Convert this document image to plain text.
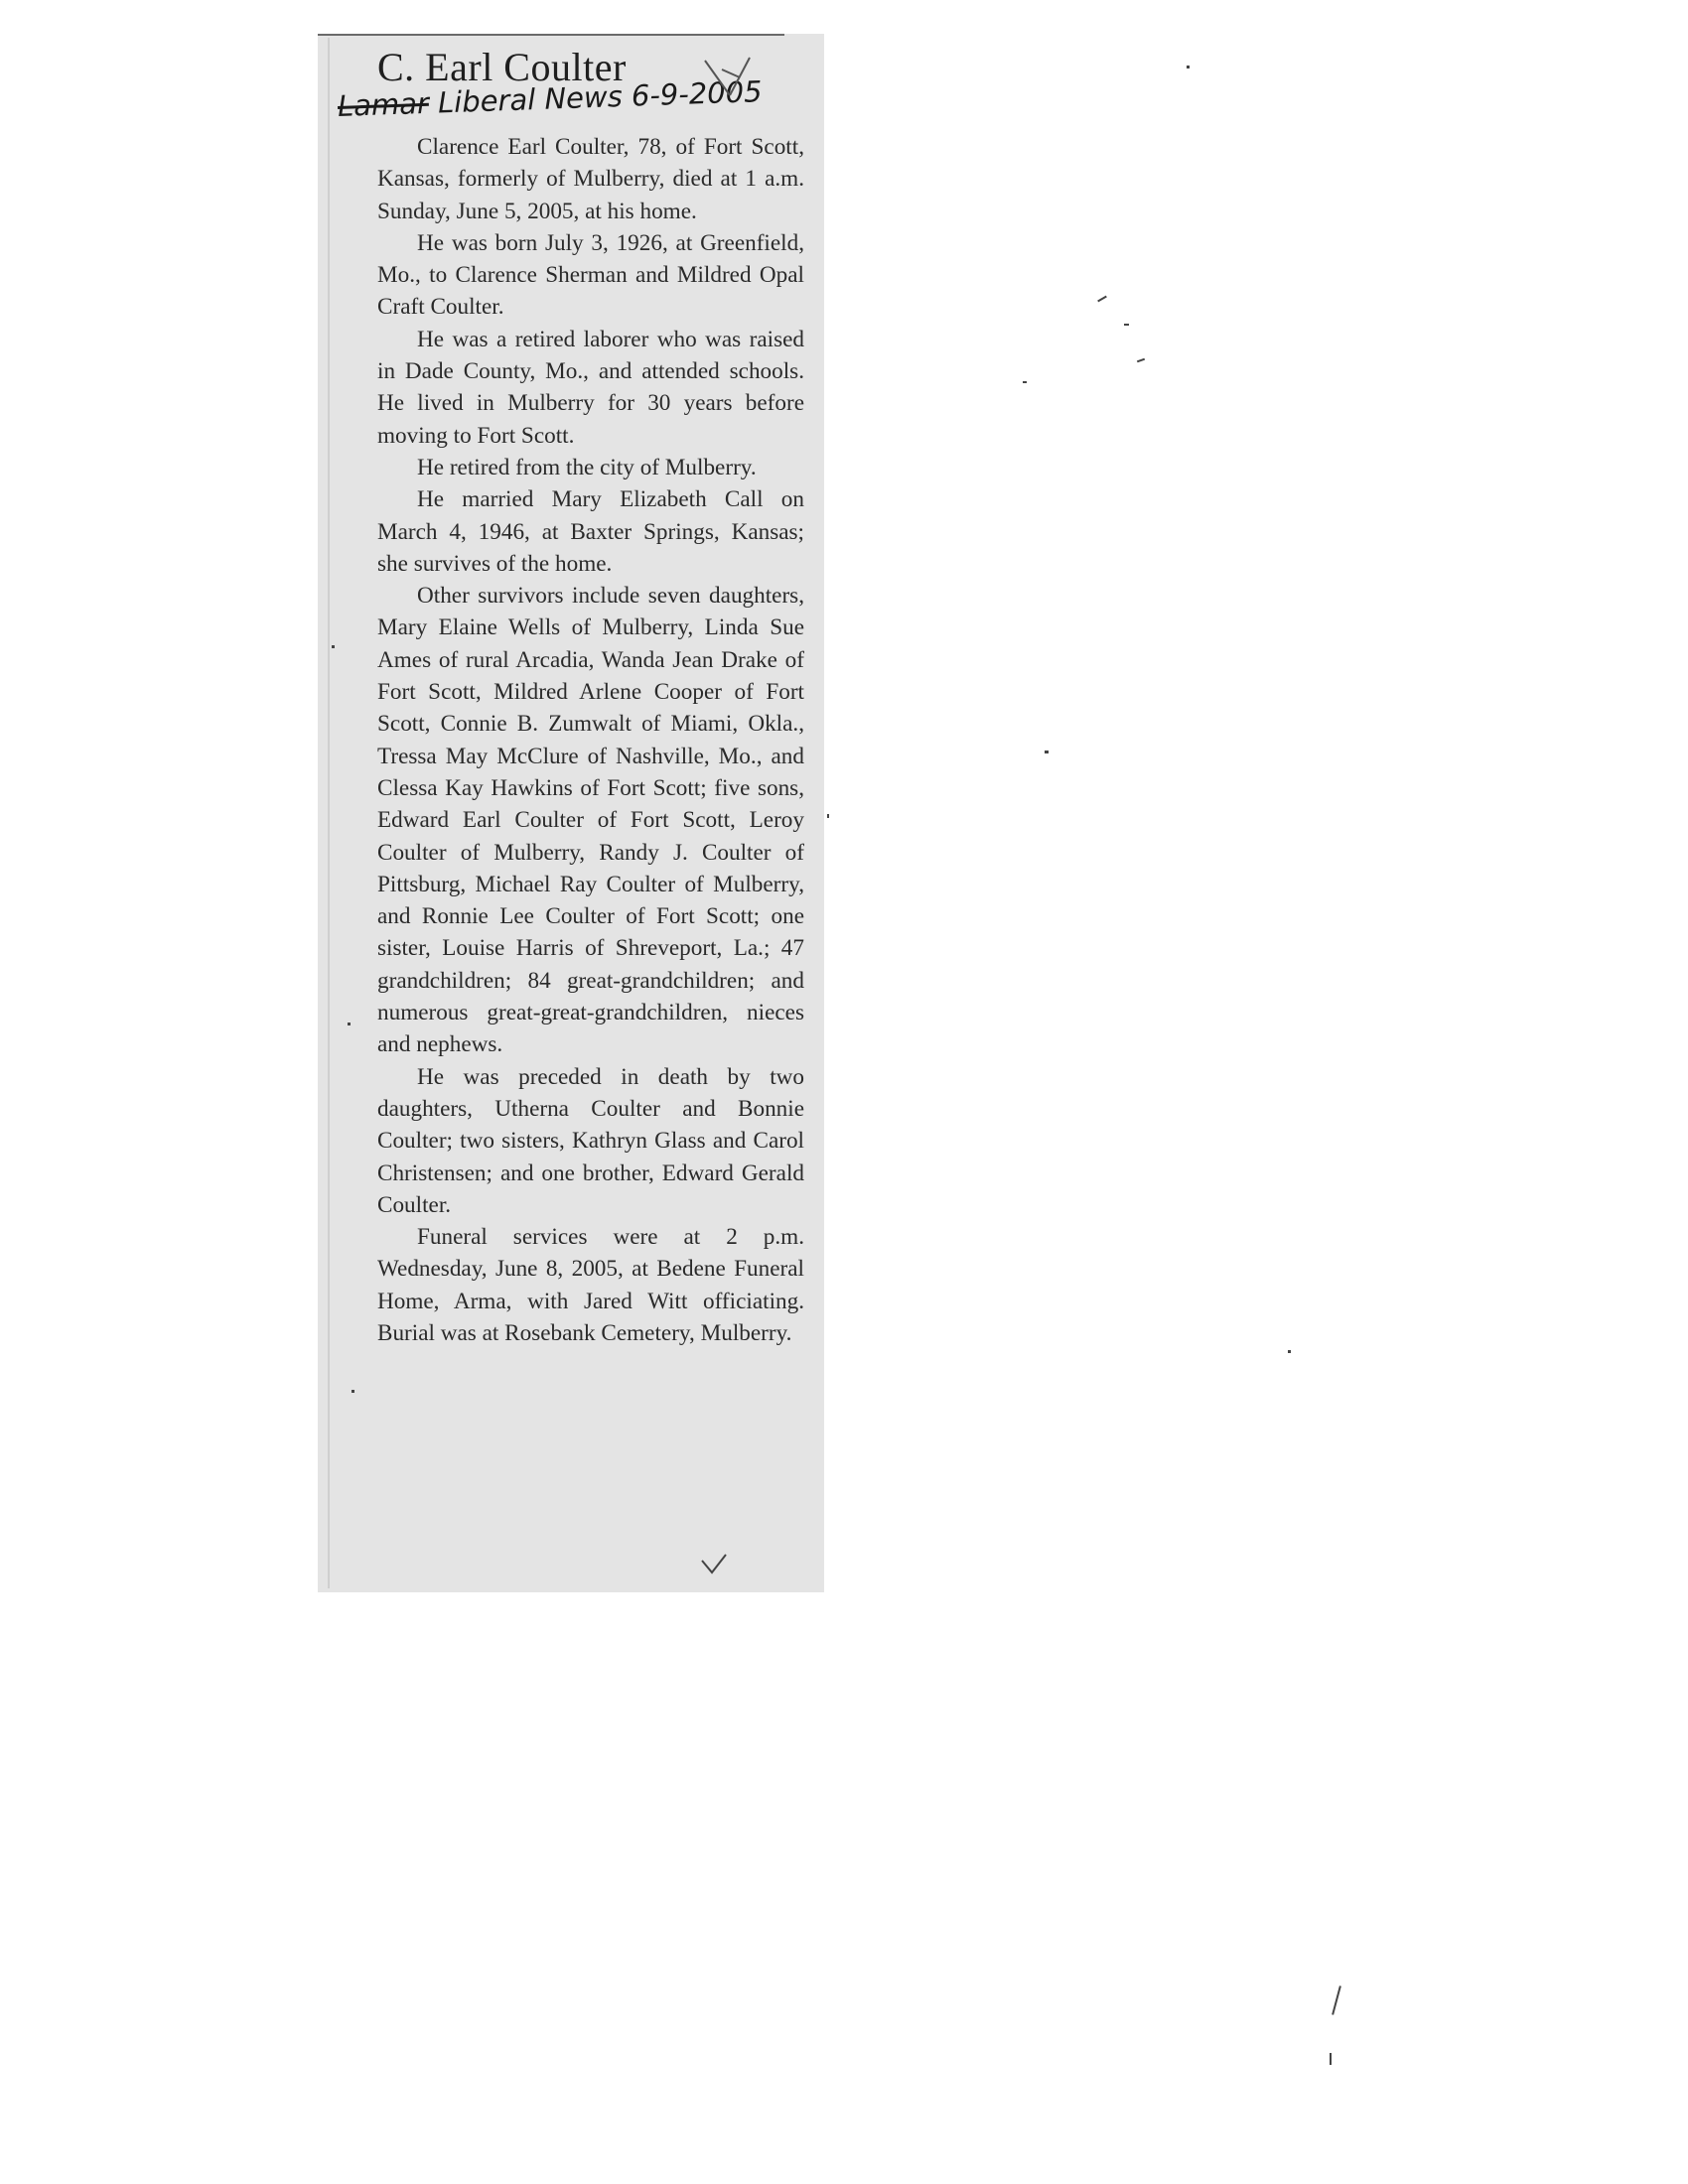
C. Earl Coulter
Lamar Liberal News 6-9-2005

Clarence Earl Coulter, 78, of Fort Scott, Kansas, formerly of Mulberry, died at 1 a.m. Sunday, June 5, 2005, at his home.

He was born July 3, 1926, at Greenfield, Mo., to Clarence Sherman and Mildred Opal Craft Coulter.

He was a retired laborer who was raised in Dade County, Mo., and attended schools. He lived in Mulberry for 30 years before moving to Fort Scott.

He retired from the city of Mulberry.

He married Mary Elizabeth Call on March 4, 1946, at Baxter Springs, Kansas; she survives of the home.

Other survivors include seven daughters, Mary Elaine Wells of Mulberry, Linda Sue Ames of rural Arcadia, Wanda Jean Drake of Fort Scott, Mildred Arlene Cooper of Fort Scott, Connie B. Zumwalt of Miami, Okla., Tressa May McClure of Nashville, Mo., and Clessa Kay Hawkins of Fort Scott; five sons, Edward Earl Coulter of Fort Scott, Leroy Coulter of Mulberry, Randy J. Coulter of Pittsburg, Michael Ray Coulter of Mulberry, and Ronnie Lee Coulter of Fort Scott; one sister, Louise Harris of Shreveport, La.; 47 grandchildren; 84 great-grandchildren; and numerous great-great-grandchildren, nieces and nephews.

He was preceded in death by two daughters, Utherna Coulter and Bonnie Coulter; two sisters, Kathryn Glass and Carol Christensen; and one brother, Edward Gerald Coulter.

Funeral services were at 2 p.m. Wednesday, June 8, 2005, at Bedene Funeral Home, Arma, with Jared Witt officiating. Burial was at Rosebank Cemetery, Mulberry.
